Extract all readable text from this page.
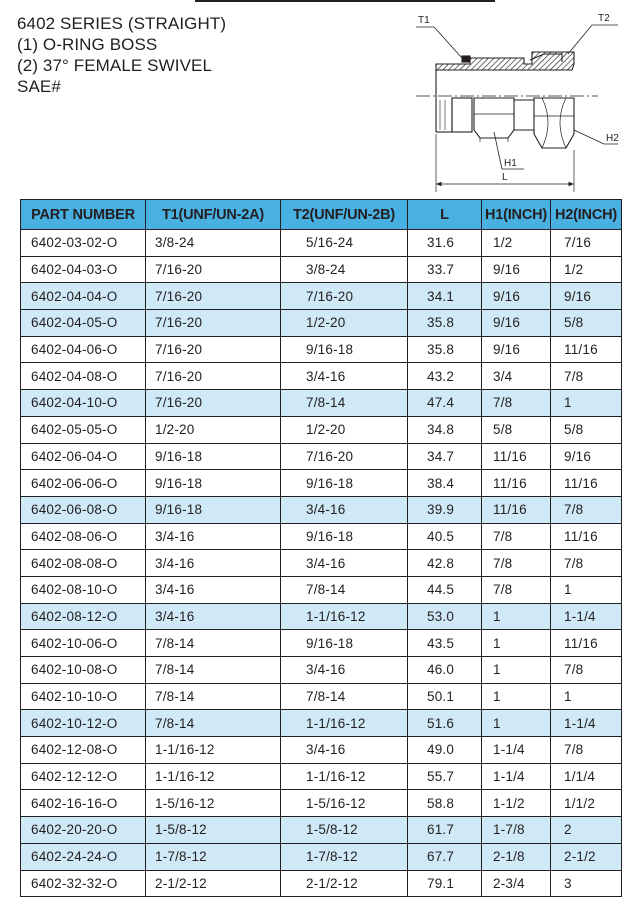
6402 SERIES (STRAIGHT)
(1) O-RING BOSS
(2) 37° FEMALE SWIVEL
SAE#
T1	T2
H2
H1
L
PART NUMBER	T1(UNF/UN-2A)	T2(UNF/UN-2B)	L	H1(INCH)	H2(INCH)
6402-03-02-O	3/8-24	5/16-24	31.6	1/2	7/16
6402-04-03-O	7/16-20	3/8-24	33.7	9/16	1/2
6402-04-04-O	7/16-20	7/16-20	34.1	9/16	9/16
6402-04-05-O	7/16-20	1/2-20	35.8	9/16	5/8
6402-04-06-O	7/16-20	9/16-18	35.8	9/16	11/16
6402-04-08-O	7/16-20	3/4-16	43.2	3/4	7/8
6402-04-10-O	7/16-20	7/8-14	47.4	7/8	1
6402-05-05-O	1/2-20	1/2-20	34.8	5/8	5/8
6402-06-04-O	9/16-18	7/16-20	34.7	11/16	9/16
6402-06-06-O	9/16-18	9/16-18	38.4	11/16	11/16
6402-06-08-O	9/16-18	3/4-16	39.9	11/16	7/8
6402-08-06-O	3/4-16	9/16-18	40.5	7/8	11/16
6402-08-08-O	3/4-16	3/4-16	42.8	7/8	7/8
6402-08-10-O	3/4-16	7/8-14	44.5	7/8	1
6402-08-12-O	3/4-16	1-1/16-12	53.0	1	1-1/4
6402-10-06-O	7/8-14	9/16-18	43.5	1	11/16
6402-10-08-O	7/8-14	3/4-16	46.0	1	7/8
6402-10-10-O	7/8-14	7/8-14	50.1	1	1
6402-10-12-O	7/8-14	1-1/16-12	51.6	1	1-1/4
6402-12-08-O	1-1/16-12	3/4-16	49.0	1-1/4	7/8
6402-12-12-O	1-1/16-12	1-1/16-12	55.7	1-1/4	1/1/4
6402-16-16-O	1-5/16-12	1-5/16-12	58.8	1-1/2	1/1/2
6402-20-20-O	1-5/8-12	1-5/8-12	61.7	1-7/8	2
6402-24-24-O	1-7/8-12	1-7/8-12	67.7	2-1/8	2-1/2
6402-32-32-O	2-1/2-12	2-1/2-12	79.1	2-3/4	3
